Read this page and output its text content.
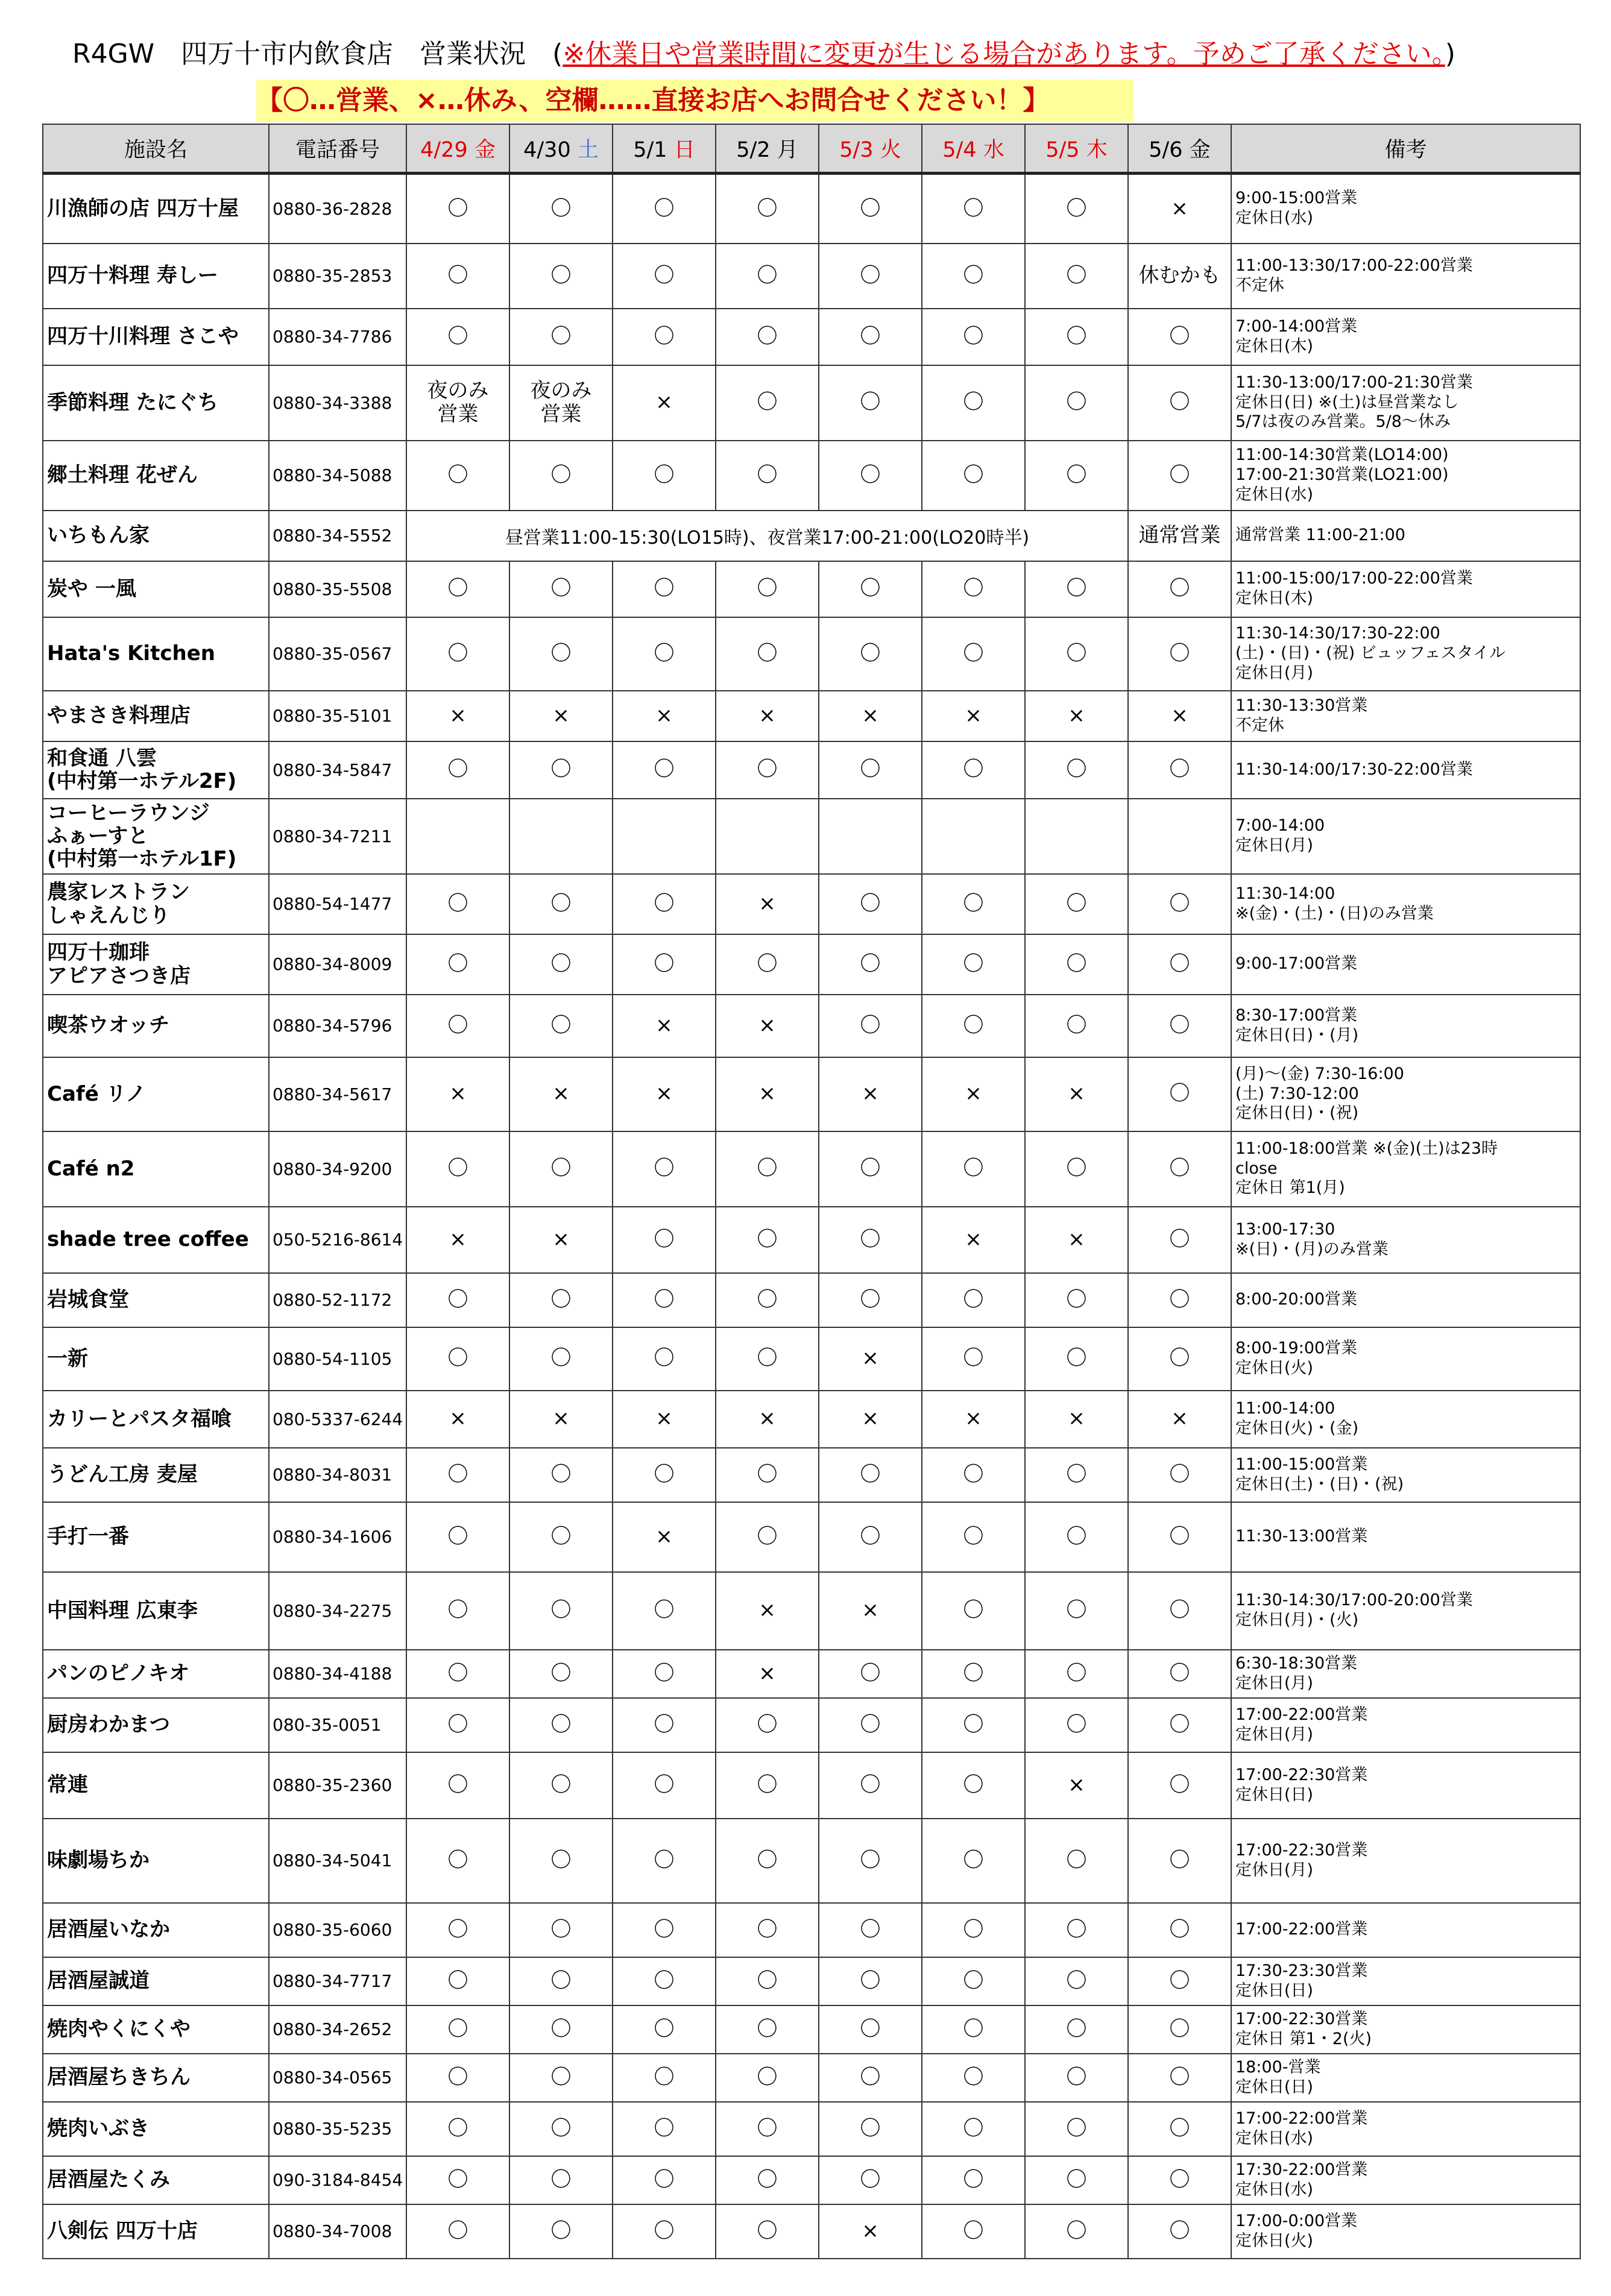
R4GW　四万十市内飲食店　営業状況　(※休業日や営業時間に変更が生じる場合があります。予めご了承ください。)
【〇…営業、×…休み、空欄……直接お店へお問合せください！】
施設名	電話番号	4/29 金	4/30 土	5/1 日	5/2 月	5/3 火	5/4 水	5/5 木	5/6 金	備考
川漁師の店 四万十屋	0880-36-2828	〇	〇	〇	〇	〇	〇	〇	×	9:00-15:00営業
定休日(水)
四万十料理 寿しー	0880-35-2853	〇	〇	〇	〇	〇	〇	〇	休むかも	11:00-13:30/17:00-22:00営業
不定休
四万十川料理 さこや	0880-34-7786	〇	〇	〇	〇	〇	〇	〇	〇	7:00-14:00営業
定休日(木)
季節料理 たにぐち	0880-34-3388	夜のみ
営業	夜のみ
営業	×	〇	〇	〇	〇	〇	11:30-13:00/17:00-21:30営業
定休日(日) ※(土)は昼営業なし
5/7は夜のみ営業。5/8～休み
郷土料理 花ぜん	0880-34-5088	〇	〇	〇	〇	〇	〇	〇	〇	11:00-14:30営業(LO14:00)
17:00-21:30営業(LO21:00)
定休日(水)
いちもん家	0880-34-5552	昼営業11:00-15:30(LO15時)、夜営業17:00-21:00(LO20時半)							通常営業	通常営業 11:00-21:00
炭や 一風	0880-35-5508	〇	〇	〇	〇	〇	〇	〇	〇	11:00-15:00/17:00-22:00営業
定休日(木)
Hata's Kitchen	0880-35-0567	〇	〇	〇	〇	〇	〇	〇	〇	11:30-14:30/17:30-22:00
(土)・(日)・(祝) ビュッフェスタイル
定休日(月)
やまさき料理店	0880-35-5101	×	×	×	×	×	×	×	×	11:30-13:30営業
不定休
和食通 八雲
(中村第一ホテル2F)	0880-34-5847	〇	〇	〇	〇	〇	〇	〇	〇	11:30-14:00/17:30-22:00営業
コーヒーラウンジ
ふぁーすと
(中村第一ホテル1F)	0880-34-7211									7:00-14:00
定休日(月)
農家レストラン
しゃえんじり	0880-54-1477	〇	〇	〇	×	〇	〇	〇	〇	11:30-14:00
※(金)・(土)・(日)のみ営業
四万十珈琲
アピアさつき店	0880-34-8009	〇	〇	〇	〇	〇	〇	〇	〇	9:00-17:00営業
喫茶ウオッチ	0880-34-5796	〇	〇	×	×	〇	〇	〇	〇	8:30-17:00営業
定休日(日)・(月)
Café リノ	0880-34-5617	×	×	×	×	×	×	×	〇	(月)～(金) 7:30-16:00
(土) 7:30-12:00
定休日(日)・(祝)
Café n2	0880-34-9200	〇	〇	〇	〇	〇	〇	〇	〇	11:00-18:00営業 ※(金)(土)は23時
close
定休日 第1(月)
shade tree coffee	050-5216-8614	×	×	〇	〇	〇	×	×	〇	13:00-17:30
※(日)・(月)のみ営業
岩城食堂	0880-52-1172	〇	〇	〇	〇	〇	〇	〇	〇	8:00-20:00営業
一新	0880-54-1105	〇	〇	〇	〇	×	〇	〇	〇	8:00-19:00営業
定休日(火)
カリーとパスタ福喰	080-5337-6244	×	×	×	×	×	×	×	×	11:00-14:00
定休日(火)・(金)
うどん工房 麦屋	0880-34-8031	〇	〇	〇	〇	〇	〇	〇	〇	11:00-15:00営業
定休日(土)・(日)・(祝)
手打一番	0880-34-1606	〇	〇	×	〇	〇	〇	〇	〇	11:30-13:00営業
中国料理 広東李	0880-34-2275	〇	〇	〇	×	×	〇	〇	〇	11:30-14:30/17:00-20:00営業
定休日(月)・(火)
パンのピノキオ	0880-34-4188	〇	〇	〇	×	〇	〇	〇	〇	6:30-18:30営業
定休日(月)
厨房わかまつ	080-35-0051	〇	〇	〇	〇	〇	〇	〇	〇	17:00-22:00営業
定休日(月)
常連	0880-35-2360	〇	〇	〇	〇	〇	〇	×	〇	17:00-22:30営業
定休日(日)
味劇場ちか	0880-34-5041	〇	〇	〇	〇	〇	〇	〇	〇	17:00-22:30営業
定休日(月)
居酒屋いなか	0880-35-6060	〇	〇	〇	〇	〇	〇	〇	〇	17:00-22:00営業
居酒屋誠道	0880-34-7717	〇	〇	〇	〇	〇	〇	〇	〇	17:30-23:30営業
定休日(日)
焼肉やくにくや	0880-34-2652	〇	〇	〇	〇	〇	〇	〇	〇	17:00-22:30営業
定休日 第1・2(火)
居酒屋ちきちん	0880-34-0565	〇	〇	〇	〇	〇	〇	〇	〇	18:00-営業
定休日(日)
焼肉いぶき	0880-35-5235	〇	〇	〇	〇	〇	〇	〇	〇	17:00-22:00営業
定休日(水)
居酒屋たくみ	090-3184-8454	〇	〇	〇	〇	〇	〇	〇	〇	17:30-22:00営業
定休日(水)
八剣伝 四万十店	0880-34-7008	〇	〇	〇	〇	×	〇	〇	〇	17:00-0:00営業
定休日(火)
